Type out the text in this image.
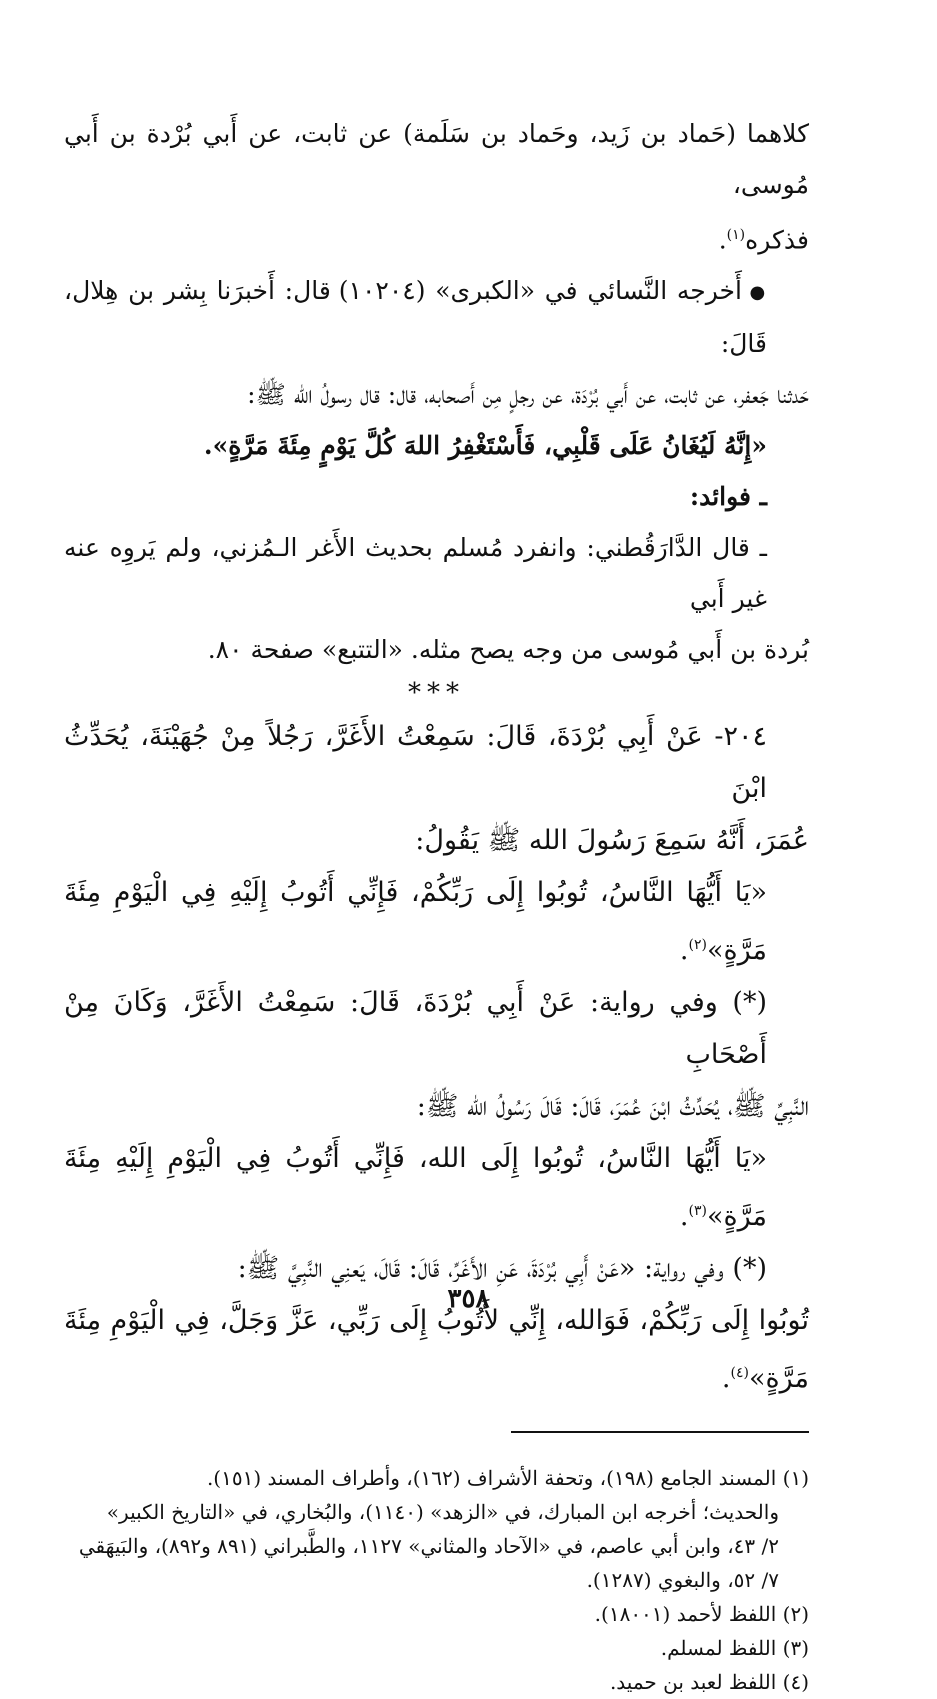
كلاهما (حَماد بن زَيد، وحَماد بن سَلَمة) عن ثابت، عن أَبي بُرْدة بن أَبي مُوسى،

فذكره$^{(١)}$.

● أَخرجه النَّسائي في «الكبرى» (١٠٢٠٤) قال: أَخبرَنا بِشر بن هِلال، قَالَ:

حَدثنا جَعفر، عن ثابت، عن أَبي بُرْدَة، عن رجلٍ مِن أَصحابه، قال: قال رسولُ الله ﷺ:

«إِنَّهُ لَيُغَانُ عَلَى قَلْبِي، فَأَسْتَغْفِرُ اللهَ كُلَّ يَوْمٍ مِئَةَ مَرَّةٍ».

ـ فوائد:

ـ قال الدَّارَقُطني: وانفرد مُسلم بحديث الأَغر الـمُزني، ولم يَروِه عنه غير أَبي

بُردة بن أَبي مُوسى من وجه يصح مثله. «التتبع» صفحة ٨٠.

***

٢٠٤- عَنْ أَبِي بُرْدَةَ، قَالَ: سَمِعْتُ الأَغَرَّ، رَجُلاً مِنْ جُهَيْنَةَ، يُحَدِّثُ ابْنَ

عُمَرَ، أَنَّهُ سَمِعَ رَسُولَ الله ﷺ يَقُولُ:

«يَا أَيُّهَا النَّاسُ، تُوبُوا إِلَى رَبِّكُمْ، فَإِنِّي أَتُوبُ إِلَيْهِ فِي الْيَوْمِ مِئَةَ مَرَّةٍ»$^{(٢)}$.

(*) وفي رواية: عَنْ أَبِي بُرْدَةَ، قَالَ: سَمِعْتُ الأَغَرَّ، وَكَانَ مِنْ أَصْحَابِ

النَّبِيِّ ﷺ، يُحَدِّثُ ابْنَ عُمَرَ، قَالَ: قَالَ رَسُولُ الله ﷺ:

«يَا أَيُّهَا النَّاسُ، تُوبُوا إِلَى الله، فَإِنِّي أَتُوبُ فِي الْيَوْمِ إِلَيْهِ مِئَةَ مَرَّةٍ»$^{(٣)}$.

(*) وفي رواية: «عَنْ أَبِي بُرْدَةَ، عَنِ الأَغَرِّ، قَالَ: قَالَ، يَعنِي النَّبِيَّ ﷺ:

تُوبُوا إِلَى رَبِّكُمْ، فَوَالله، إِنِّي لأَتُوبُ إِلَى رَبِّي، عَزَّ وَجَلَّ، فِي الْيَوْمِ مِئَةَ مَرَّةٍ»$^{(٤)}$.

(١) المسند الجامع (١٩٨)، وتحفة الأشراف (١٦٢)، وأطراف المسند (١٥١).

والحديث؛ أخرجه ابن المبارك، في «الزهد» (١١٤٠)، والبُخاري، في «التاريخ الكبير»

٢/ ٤٣، وابن أبي عاصم، في «الآحاد والمثاني» ١١٢٧، والطَّبراني (٨٩١ و٨٩٢)، والبَيهَقي

٧/ ٥٢، والبغوي (١٢٨٧).

(٢) اللفظ لأحمد (١٨٠٠١).

(٣) اللفظ لمسلم.

(٤) اللفظ لعبد بن حميد.

٣٥٨
